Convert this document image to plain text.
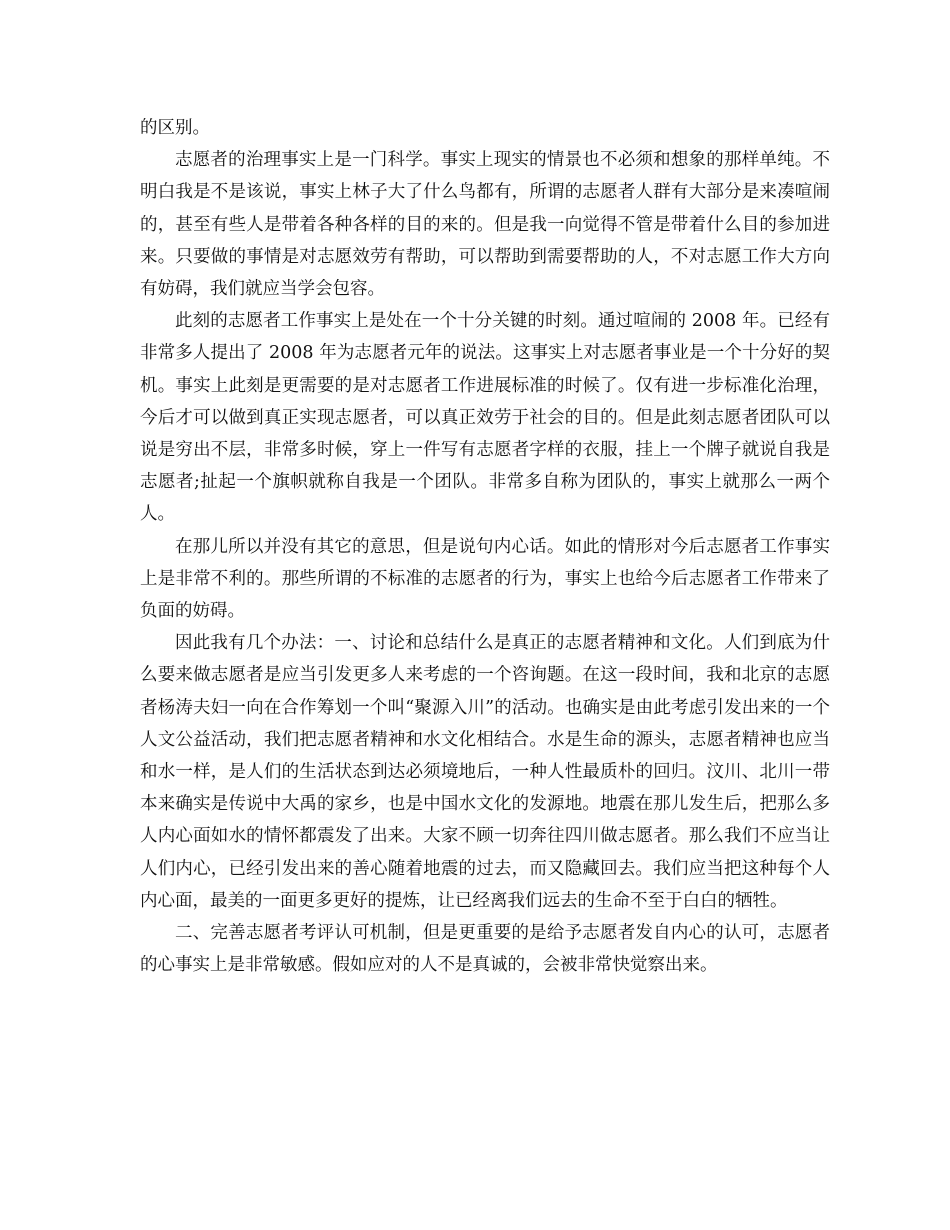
的区别。

志愿者的治理事实上是一门科学。事实上现实的情景也不必须和想象的那样单纯。不明白我是不是该说，事实上林子大了什么鸟都有，所谓的志愿者人群有大部分是来凑喧闹的，甚至有些人是带着各种各样的目的来的。但是我一向觉得不管是带着什么目的参加进来。只要做的事情是对志愿效劳有帮助，可以帮助到需要帮助的人，不对志愿工作大方向有妨碍，我们就应当学会包容。

此刻的志愿者工作事实上是处在一个十分关键的时刻。通过喧闹的 2008 年。已经有非常多人提出了 2008 年为志愿者元年的说法。这事实上对志愿者事业是一个十分好的契机。事实上此刻是更需要的是对志愿者工作进展标准的时候了。仅有进一步标准化治理，今后才可以做到真正实现志愿者，可以真正效劳于社会的目的。但是此刻志愿者团队可以说是穷出不层，非常多时候，穿上一件写有志愿者字样的衣服，挂上一个牌子就说自我是志愿者;扯起一个旗帜就称自我是一个团队。非常多自称为团队的，事实上就那么一两个人。

在那儿所以并没有其它的意思，但是说句内心话。如此的情形对今后志愿者工作事实上是非常不利的。那些所谓的不标准的志愿者的行为，事实上也给今后志愿者工作带来了负面的妨碍。

因此我有几个办法：一、讨论和总结什么是真正的志愿者精神和文化。人们到底为什么要来做志愿者是应当引发更多人来考虑的一个咨询题。在这一段时间，我和北京的志愿者杨涛夫妇一向在合作筹划一个叫“聚源入川”的活动。也确实是由此考虑引发出来的一个人文公益活动，我们把志愿者精神和水文化相结合。水是生命的源头，志愿者精神也应当和水一样，是人们的生活状态到达必须境地后，一种人性最质朴的回归。汶川、北川一带本来确实是传说中大禹的家乡，也是中国水文化的发源地。地震在那儿发生后，把那么多人内心面如水的情怀都震发了出来。大家不顾一切奔往四川做志愿者。那么我们不应当让人们内心，已经引发出来的善心随着地震的过去，而又隐藏回去。我们应当把这种每个人内心面，最美的一面更多更好的提炼，让已经离我们远去的生命不至于白白的牺牲。

二、完善志愿者考评认可机制，但是更重要的是给予志愿者发自内心的认可，志愿者的心事实上是非常敏感。假如应对的人不是真诚的，会被非常快觉察出来。
